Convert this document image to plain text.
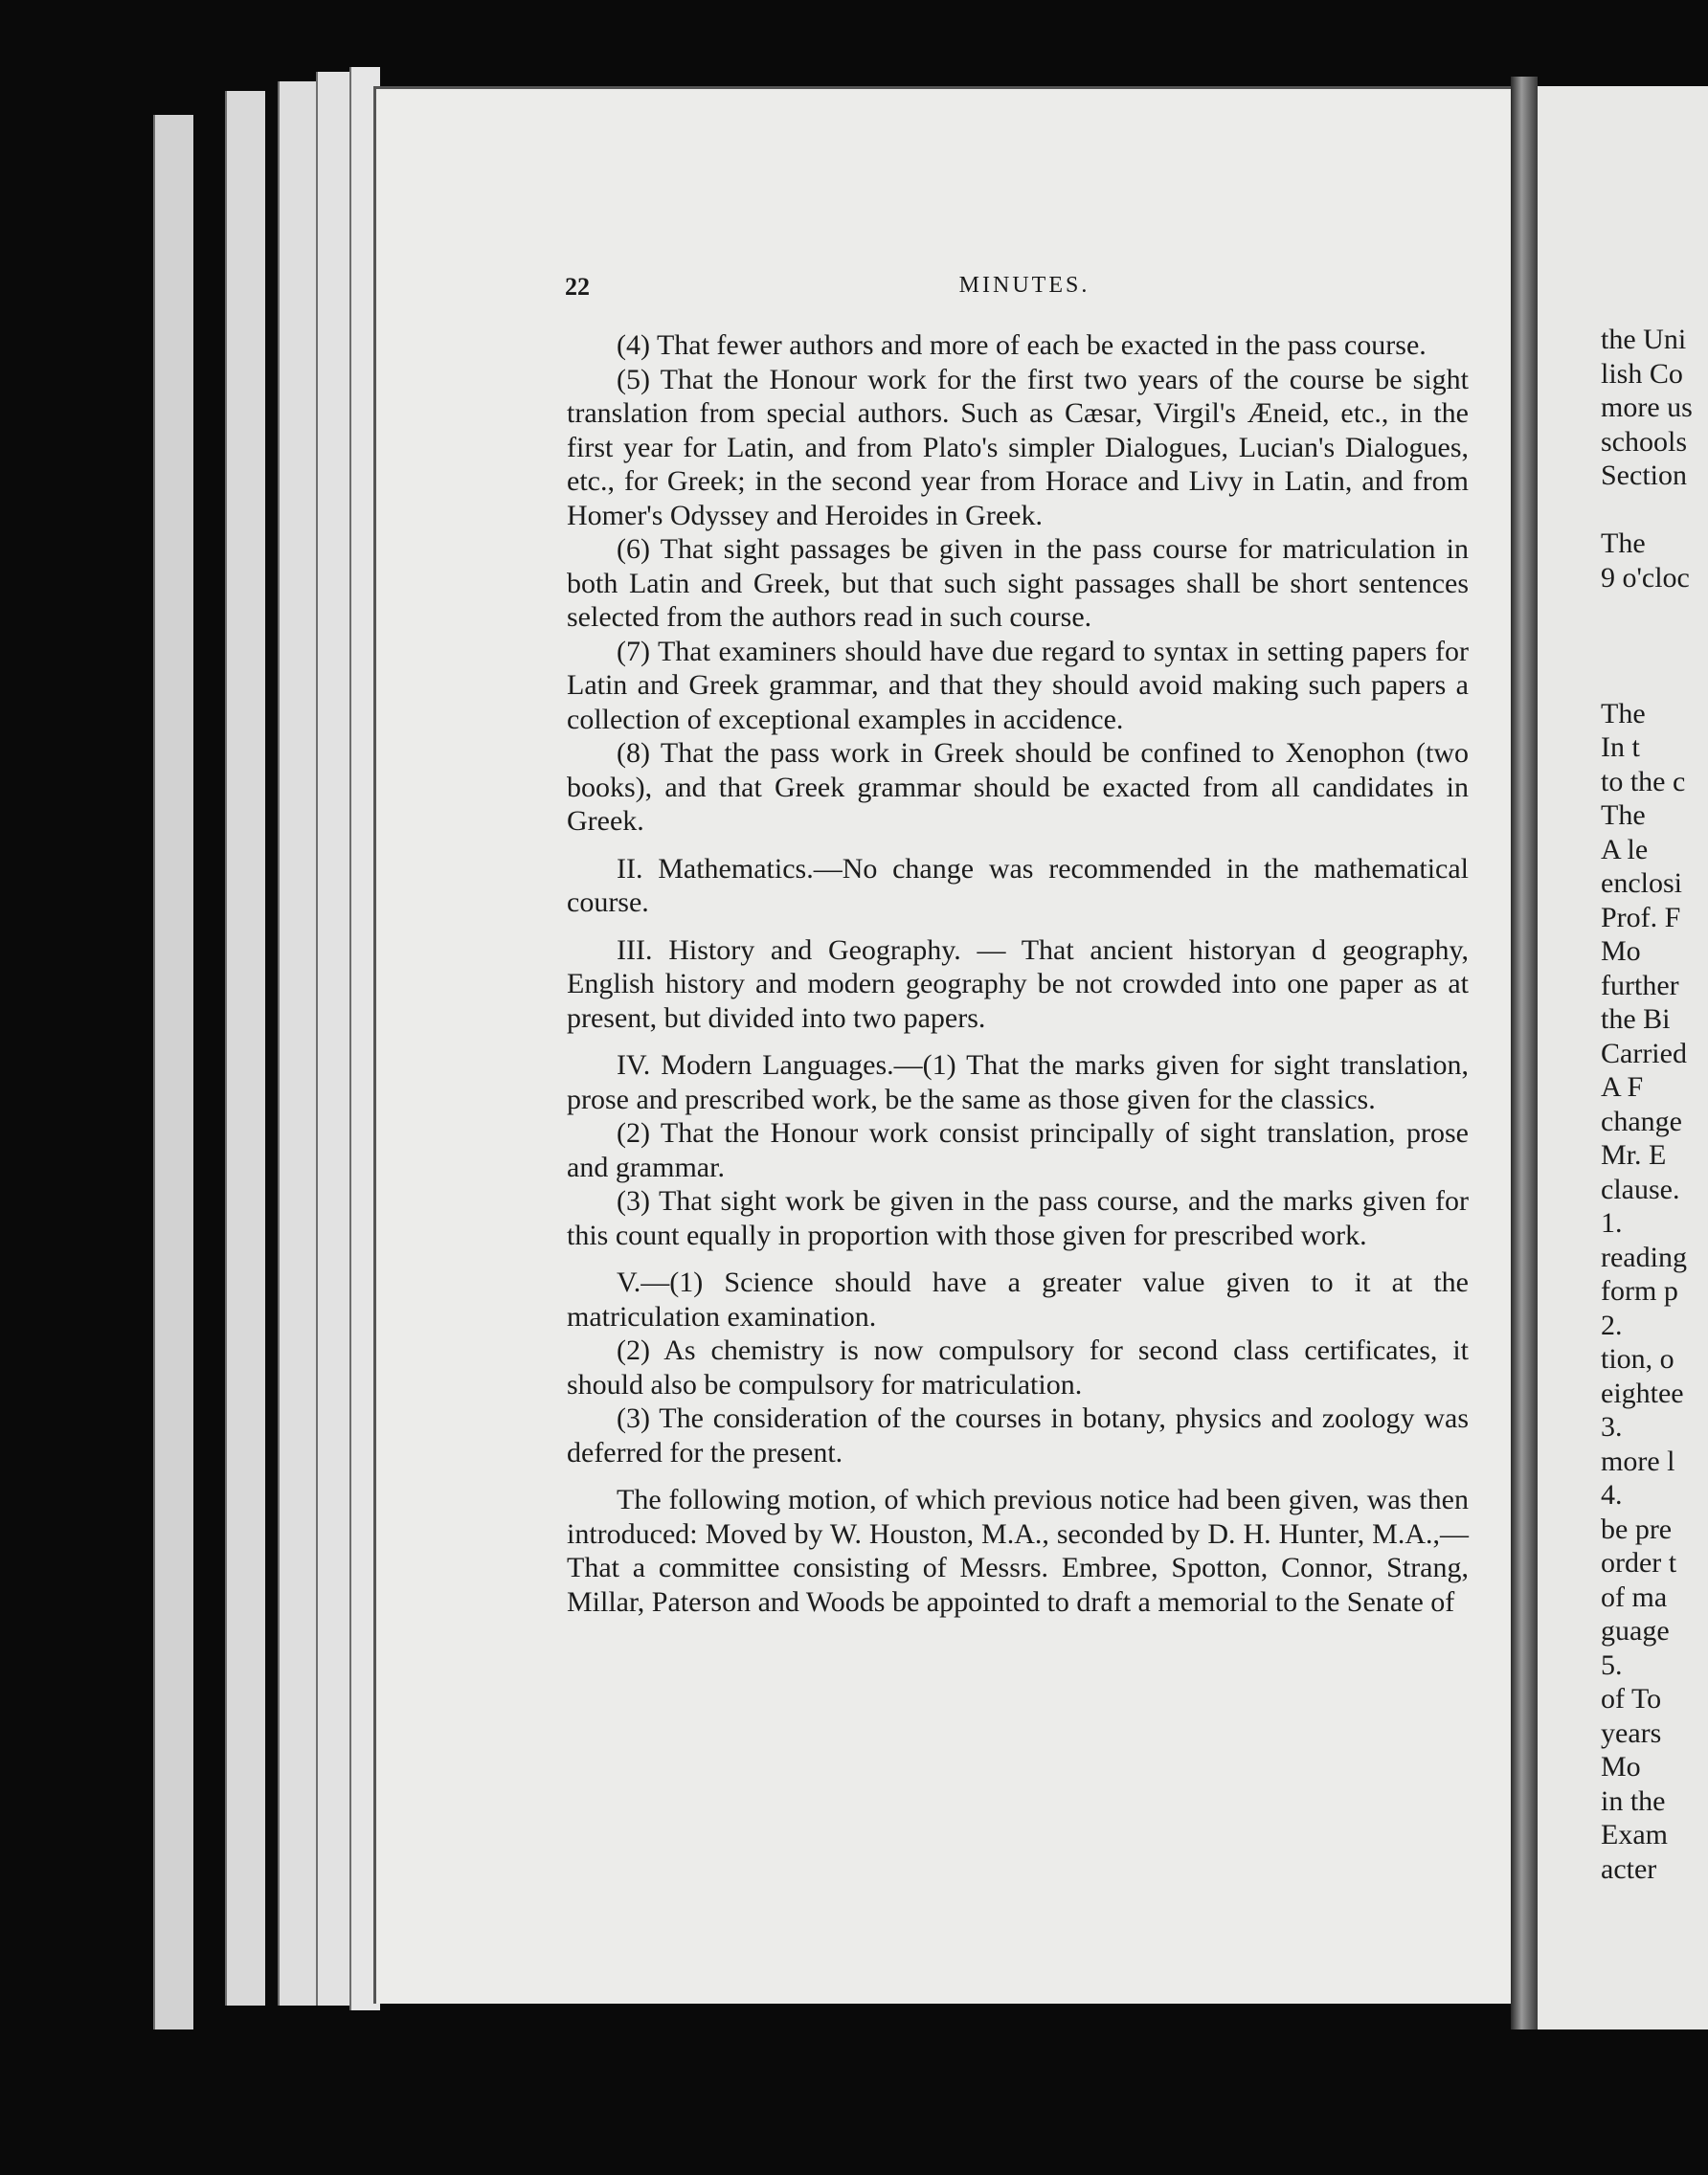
22	MINUTES.

(4) That fewer authors and more of each be exacted in the pass course.

(5) That the Honour work for the first two years of the course be sight translation from special authors. Such as Cæsar, Virgil's Æneid, etc., in the first year for Latin, and from Plato's simpler Dialogues, Lucian's Dialogues, etc., for Greek; in the second year from Horace and Livy in Latin, and from Homer's Odyssey and Heroides in Greek.

(6) That sight passages be given in the pass course for matriculation in both Latin and Greek, but that such sight passages shall be short sentences selected from the authors read in such course.

(7) That examiners should have due regard to syntax in setting papers for Latin and Greek grammar, and that they should avoid making such papers a collection of exceptional examples in accidence.

(8) That the pass work in Greek should be confined to Xenophon (two books), and that Greek grammar should be exacted from all candidates in Greek.

II. Mathematics.—No change was recommended in the mathematical course.

III. History and Geography. — That ancient historyan d geography, English history and modern geography be not crowded into one paper as at present, but divided into two papers.

IV. Modern Languages.—(1) That the marks given for sight translation, prose and prescribed work, be the same as those given for the classics.

(2) That the Honour work consist principally of sight translation, prose and grammar.

(3) That sight work be given in the pass course, and the marks given for this count equally in proportion with those given for prescribed work.

V.—(1) Science should have a greater value given to it at the matriculation examination.

(2) As chemistry is now compulsory for second class certificates, it should also be compulsory for matriculation.

(3) The consideration of the courses in botany, physics and zoology was deferred for the present.

The following motion, of which previous notice had been given, was then introduced: Moved by W. Houston, M.A., seconded by D. H. Hunter, M.A.,—That a committee consisting of Messrs. Embree, Spotton, Connor, Strang, Millar, Paterson and Woods be appointed to draft a memorial to the Senate of

the Uni
lish Co
more us
schools
Section
The
9 o'cloc
The
In t
to the c
The
A le
enclosi
Prof. F
Mo
further
the Bi
Carried
A F
change
Mr. E
clause.
1.
reading
form p
2.
tion, o
eightee
3.
more l
4.
be pre
order t
of ma
guage
5.
of To
years
Mo
in the
Exam
acter
